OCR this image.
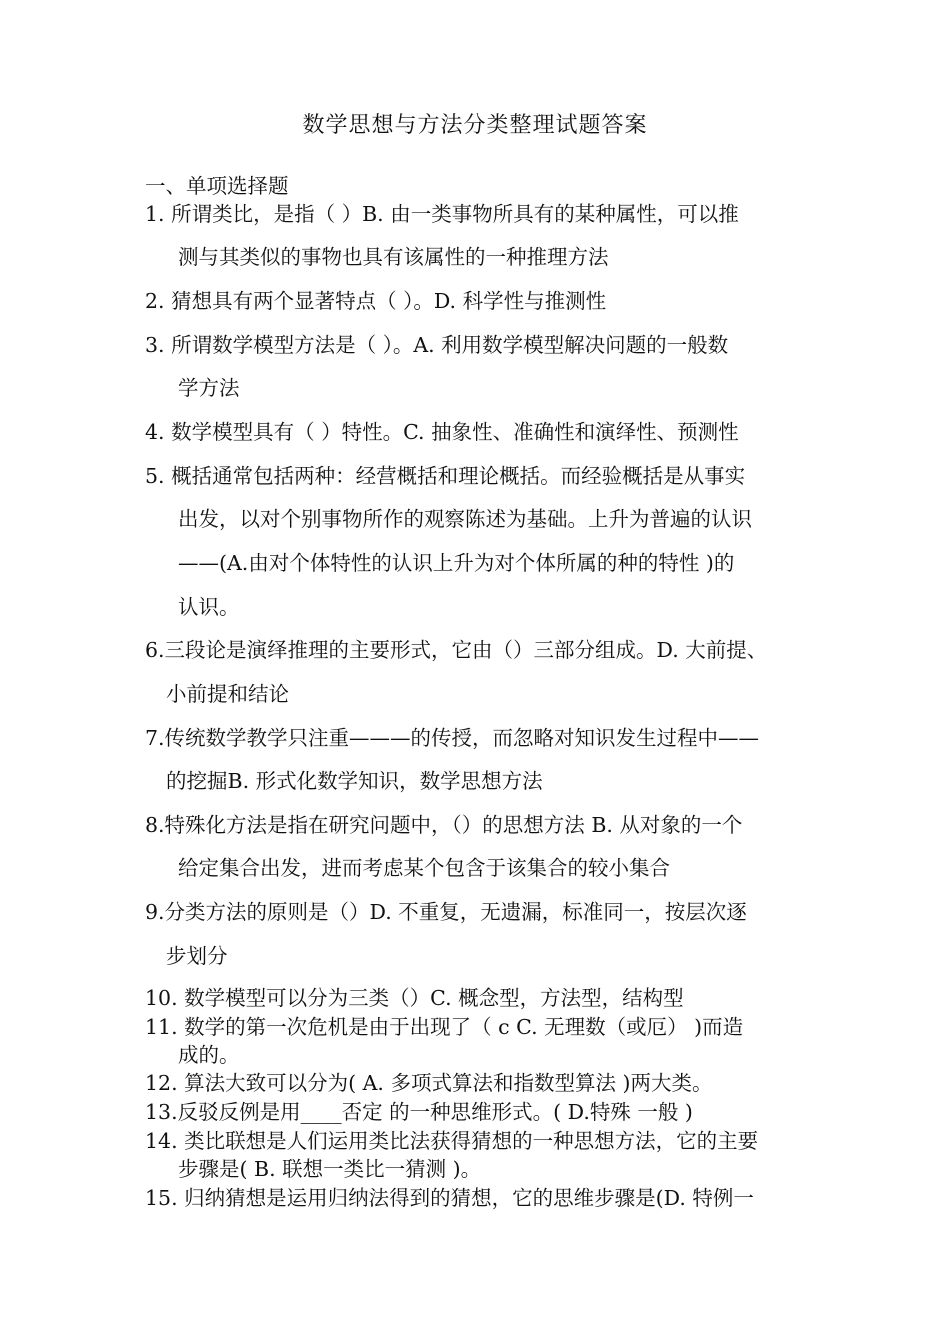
数学思想与方法分类整理试题答案
一、单项选择题
1. 所谓类比，是指（ ）B. 由一类事物所具有的某种属性，可以推
测与其类似的事物也具有该属性的一种推理方法
2. 猜想具有两个显著特点（ ）。D. 科学性与推测性
3. 所谓数学模型方法是（ ）。A. 利用数学模型解决问题的一般数
学方法
4. 数学模型具有（ ）特性。C. 抽象性、准确性和演绎性、预测性
5. 概括通常包括两种：经营概括和理论概括。而经验概括是从事实
出发，以对个别事物所作的观察陈述为基础。上升为普遍的认识
——(A.由对个体特性的认识上升为对个体所属的种的特性 )的
认识。
6.三段论是演绎推理的主要形式，它由（）三部分组成。D. 大前提、
小前提和结论
7.传统数学教学只注重———的传授，而忽略对知识发生过程中——
的挖掘B. 形式化数学知识，数学思想方法
8.特殊化方法是指在研究问题中，（）的思想方法 B. 从对象的一个
给定集合出发，进而考虑某个包含于该集合的较小集合
9.分类方法的原则是（）D. 不重复，无遗漏，标准同一，按层次逐
步划分
10. 数学模型可以分为三类（）C. 概念型，方法型，结构型
11. 数学的第一次危机是由于出现了（ c C. 无理数（或厄） )而造
成的。
12. 算法大致可以分为( A. 多项式算法和指数型算法 )两大类。
13.反驳反例是用____否定 的一种思维形式。( D.特殊 一般 )
14. 类比联想是人们运用类比法获得猜想的一种思想方法，它的主要
步骤是( B. 联想一类比一猜测 )。
15. 归纳猜想是运用归纳法得到的猜想，它的思维步骤是(D. 特例一
